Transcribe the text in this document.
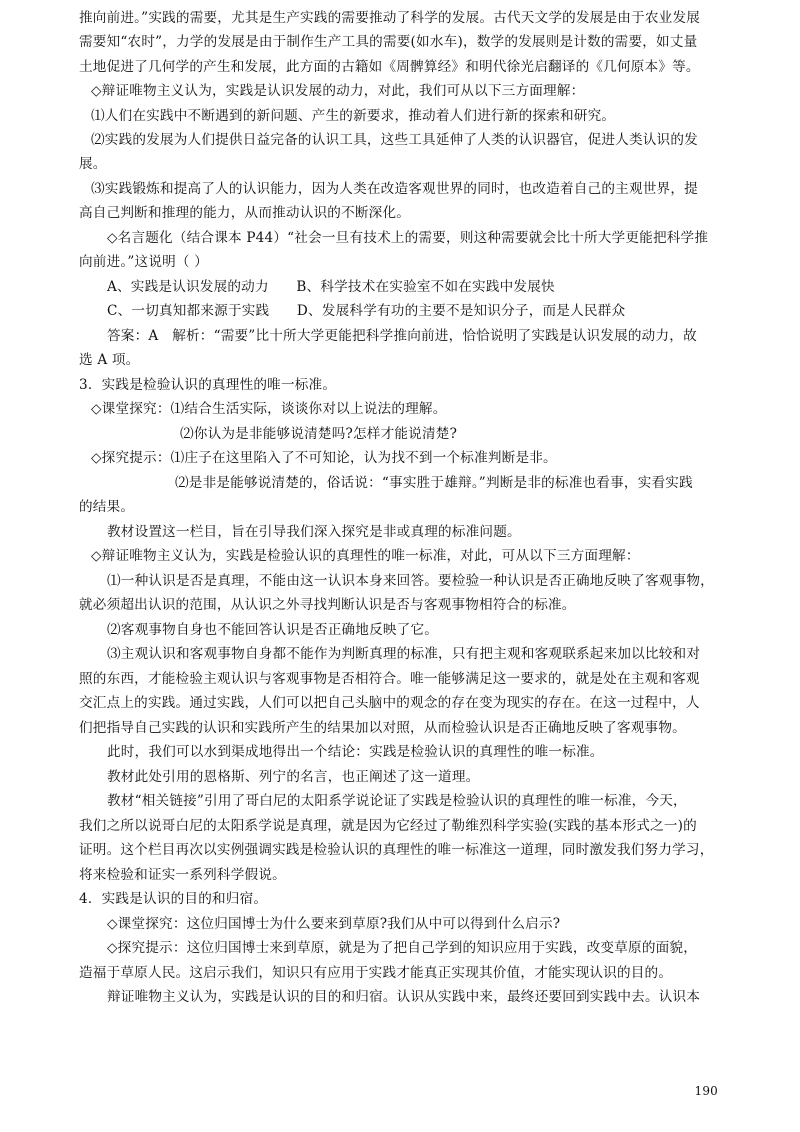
推向前进。”实践的需要，尤其是生产实践的需要推动了科学的发展。古代天文学的发展是由于农业发展
需要知“农时”，力学的发展是由于制作生产工具的需要(如水车)，数学的发展则是计数的需要，如丈量
土地促进了几何学的产生和发展，此方面的古籍如《周髀算经》和明代徐光启翻译的《几何原本》等。
◇辩证唯物主义认为，实践是认识发展的动力，对此，我们可从以下三方面理解：
⑴人们在实践中不断遇到的新问题、产生的新要求，推动着人们进行新的探索和研究。
⑵实践的发展为人们提供日益完备的认识工具，这些工具延伸了人类的认识器官，促进人类认识的发
展。
⑶实践锻炼和提高了人的认识能力，因为人类在改造客观世界的同时，也改造着自己的主观世界，提
高自己判断和推理的能力，从而推动认识的不断深化。
◇名言题化（结合课本 P44）“社会一旦有技术上的需要，则这种需要就会比十所大学更能把科学推
向前进。”这说明（ ）
A、实践是认识发展的动力　　B、科学技术在实验室不如在实践中发展快
C、一切真知都来源于实践　　D、发展科学有功的主要不是知识分子，而是人民群众
答案：A　解析：“需要”比十所大学更能把科学推向前进，恰恰说明了实践是认识发展的动力，故
选 A 项。
3．实践是检验认识的真理性的唯一标准。
◇课堂探究：⑴结合生活实际，谈谈你对以上说法的理解。
⑵你认为是非能够说清楚吗?怎样才能说清楚?
◇探究提示：⑴庄子在这里陷入了不可知论，认为找不到一个标准判断是非。
⑵是非是能够说清楚的，俗话说：“事实胜于雄辩。”判断是非的标准也看事，实看实践
的结果。
教材设置这一栏目，旨在引导我们深入探究是非或真理的标准问题。
◇辩证唯物主义认为，实践是检验认识的真理性的唯一标准，对此，可从以下三方面理解：
⑴一种认识是否是真理，不能由这一认识本身来回答。要检验一种认识是否正确地反映了客观事物，
就必须超出认识的范围，从认识之外寻找判断认识是否与客观事物相符合的标准。
⑵客观事物自身也不能回答认识是否正确地反映了它。
⑶主观认识和客观事物自身都不能作为判断真理的标准，只有把主观和客观联系起来加以比较和对
照的东西，才能检验主观认识与客观事物是否相符合。唯一能够满足这一要求的，就是处在主观和客观
交汇点上的实践。通过实践，人们可以把自己头脑中的观念的存在变为现实的存在。在这一过程中，人
们把指导自己实践的认识和实践所产生的结果加以对照，从而检验认识是否正确地反映了客观事物。
此时，我们可以水到渠成地得出一个结论：实践是检验认识的真理性的唯一标准。
教材此处引用的恩格斯、列宁的名言，也正阐述了这一道理。
教材“相关链接”引用了哥白尼的太阳系学说论证了实践是检验认识的真理性的唯一标准，今天，
我们之所以说哥白尼的太阳系学说是真理，就是因为它经过了勒维烈科学实验(实践的基本形式之一)的
证明。这个栏目再次以实例强调实践是检验认识的真理性的唯一标准这一道理，同时激发我们努力学习，
将来检验和证实一系列科学假说。
4．实践是认识的目的和归宿。
◇课堂探究：这位归国博士为什么要来到草原?我们从中可以得到什么启示?
◇探究提示：这位归国博士来到草原，就是为了把自己学到的知识应用于实践，改变草原的面貌，
造福于草原人民。这启示我们，知识只有应用于实践才能真正实现其价值，才能实现认识的目的。
辩证唯物主义认为，实践是认识的目的和归宿。认识从实践中来，最终还要回到实践中去。认识本
190
